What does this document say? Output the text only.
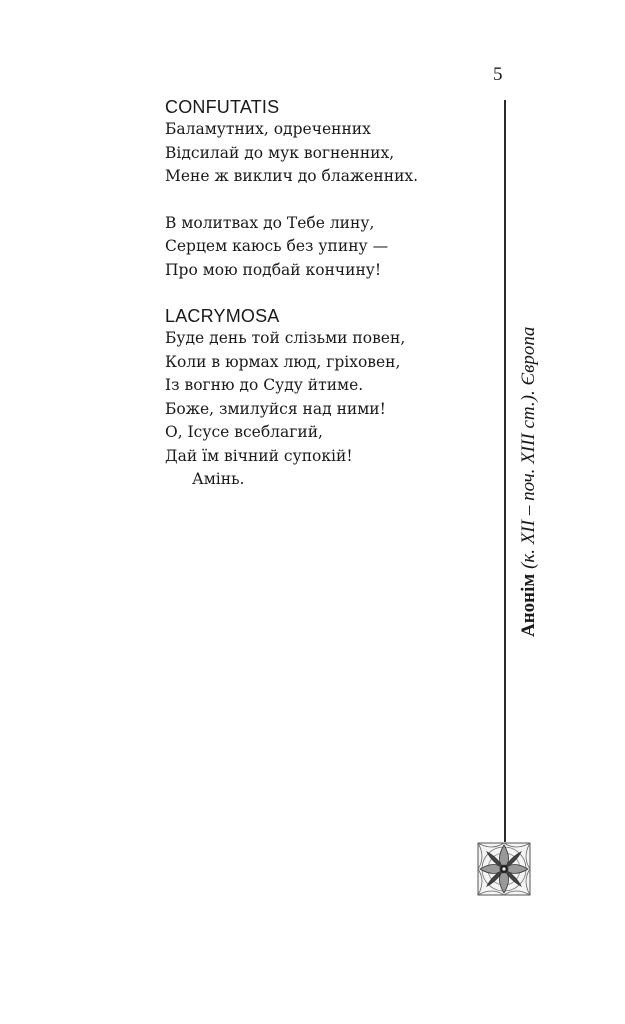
5
CONFUTATIS
Баламутних, одреченних
Відсилай до мук вогненних,
Мене ж виклич до блаженних.
В молитвах до Тебе лину,
Серцем каюсь без упину —
Про мою подбай кончину!
LACRYMOSA
Буде день той слізьми повен,
Коли в юрмах люд, гріховен,
Із вогню до Суду йтиме.
Боже, змилуйся над ними!
О, Ісусе всеблагий,
Дай їм вічний супокій!
Амінь.
Анонім (к. XII – поч. XIII ст.). Європа
